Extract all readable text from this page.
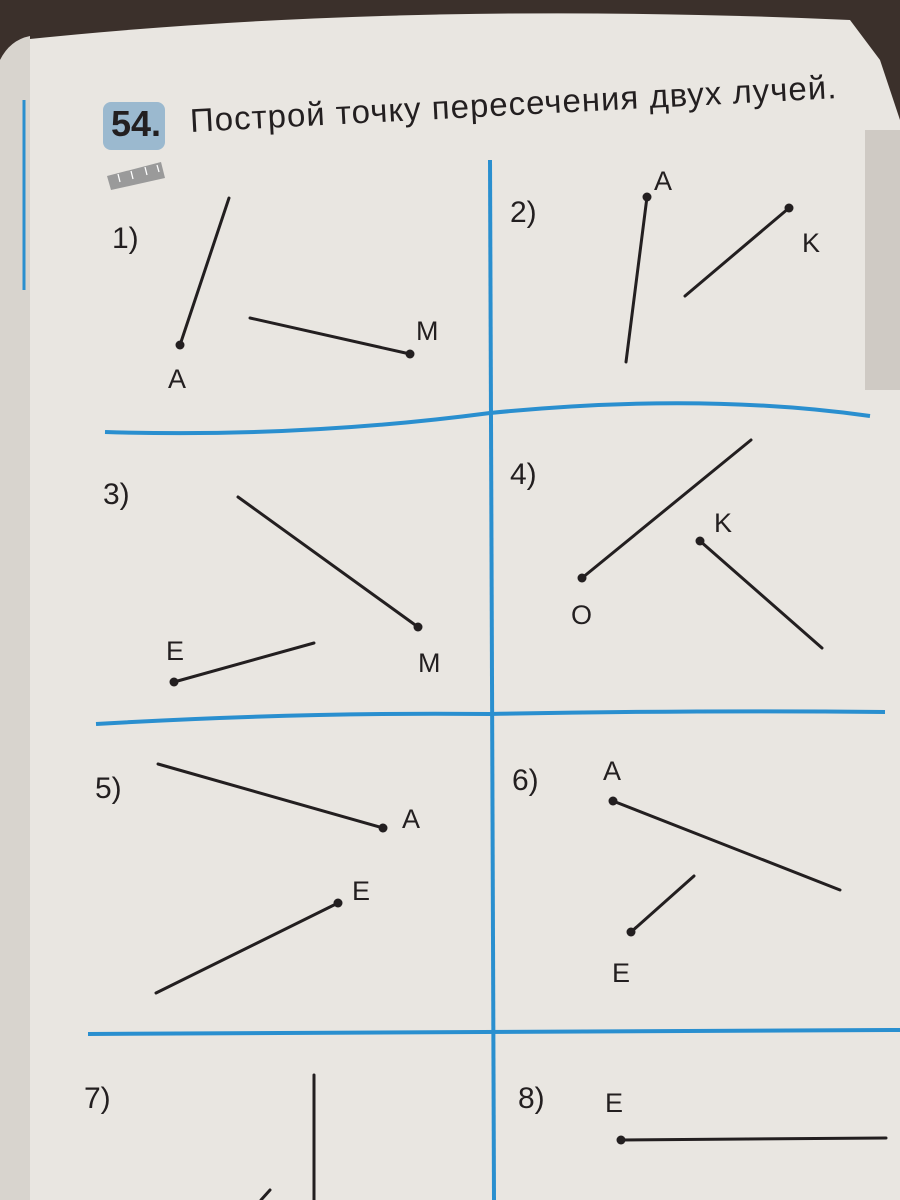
54. Построй точку пересечения двух лучей.
1)
2)
3)
4)
5)	6)
7)	8)
A
M
A
K
E	M
O
K
A
E
A
E
E
